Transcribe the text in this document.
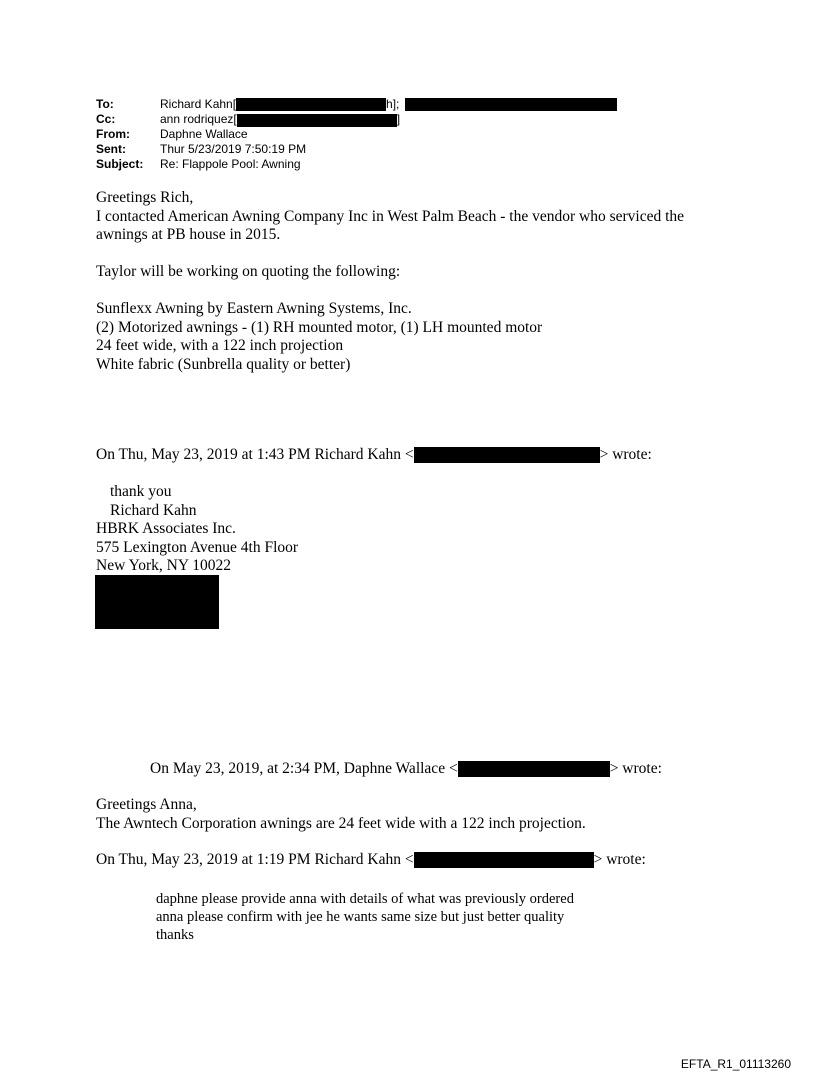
To:	Richard Kahn[	h];
Cc:	ann rodriquez[	]
From:	Daphne Wallace
Sent:	Thur 5/23/2019 7:50:19 PM
Subject:	Re: Flappole Pool: Awning
Greetings Rich,
I contacted American Awning Company Inc in West Palm Beach - the vendor who serviced the
awnings at PB house in 2015.
Taylor will be working on quoting the following:
Sunflexx Awning by Eastern Awning Systems, Inc.
(2) Motorized awnings - (1) RH mounted motor, (1) LH mounted motor
24 feet wide, with a 122 inch projection
White fabric (Sunbrella quality or better)
On Thu, May 23, 2019 at 1:43 PM Richard Kahn <	> wrote:
thank you
Richard Kahn
HBRK Associates Inc.
575 Lexington Avenue 4th Floor
New York, NY 10022
On May 23, 2019, at 2:34 PM, Daphne Wallace <	> wrote:
Greetings Anna,
The Awntech Corporation awnings are 24 feet wide with a 122 inch projection.
On Thu, May 23, 2019 at 1:19 PM Richard Kahn <	> wrote:
daphne please provide anna with details of what was previously ordered
anna please confirm with jee he wants same size but just better quality
thanks
EFTA_R1_01113260
